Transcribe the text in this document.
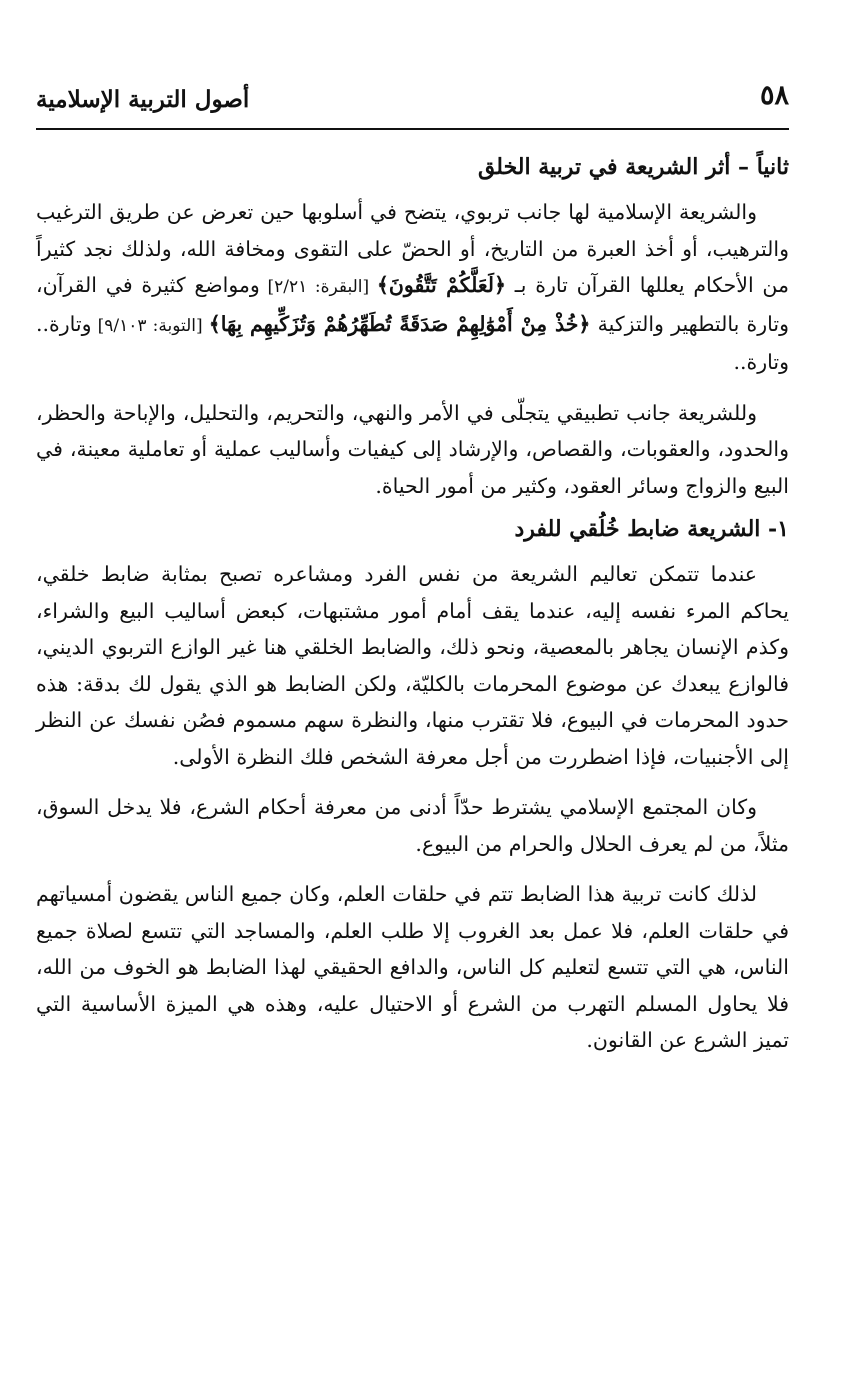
٥٨
أصول التربية الإسلامية
ثانياً – أثر الشريعة في تربية الخلق

والشريعة الإسلامية لها جانب تربوي، يتضح في أسلوبها حين تعرض عن طريق الترغيب والترهيب، أو أخذ العبرة من التاريخ، أو الحضّ على التقوى ومخافة الله، ولذلك نجد كثيراً من الأحكام يعللها القرآن تارة بـ ﴿لَعَلَّكُمْ تَتَّقُونَ﴾ [البقرة: ٢/٢١] ومواضع كثيرة في القرآن، وتارة بالتطهير والتزكية ﴿خُذْ مِنْ أَمْوَٰلِهِمْ صَدَقَةً تُطَهِّرُهُمْ وَتُزَكِّيهِم بِهَا﴾ [التوبة: ٩/١٠٣] وتارة.. وتارة..

وللشريعة جانب تطبيقي يتجلّى في الأمر والنهي، والتحريم، والتحليل، والإباحة والحظر، والحدود، والعقوبات، والقصاص، والإرشاد إلى كيفيات وأساليب عملية أو تعاملية معينة، في البيع والزواج وسائر العقود، وكثير من أمور الحياة.

١- الشريعة ضابط خُلُقي للفرد

عندما تتمكن تعاليم الشريعة من نفس الفرد ومشاعره تصبح بمثابة ضابط خلقي، يحاكم المرء نفسه إليه، عندما يقف أمام أمور مشتبهات، كبعض أساليب البيع والشراء، وكذم الإنسان يجاهر بالمعصية، ونحو ذلك، والضابط الخلقي هنا غير الوازع التربوي الديني، فالوازع يبعدك عن موضوع المحرمات بالكليّة، ولكن الضابط هو الذي يقول لك بدقة: هذه حدود المحرمات في البيوع، فلا تقترب منها، والنظرة سهم مسموم فصُن نفسك عن النظر إلى الأجنبيات، فإذا اضطررت من أجل معرفة الشخص فلك النظرة الأولى.

وكان المجتمع الإسلامي يشترط حدّاً أدنى من معرفة أحكام الشرع، فلا يدخل السوق، مثلاً، من لم يعرف الحلال والحرام من البيوع.

لذلك كانت تربية هذا الضابط تتم في حلقات العلم، وكان جميع الناس يقضون أمسياتهم في حلقات العلم، فلا عمل بعد الغروب إلا طلب العلم، والمساجد التي تتسع لصلاة جميع الناس، هي التي تتسع لتعليم كل الناس، والدافع الحقيقي لهذا الضابط هو الخوف من الله، فلا يحاول المسلم التهرب من الشرع أو الاحتيال عليه، وهذه هي الميزة الأساسية التي تميز الشرع عن القانون.
